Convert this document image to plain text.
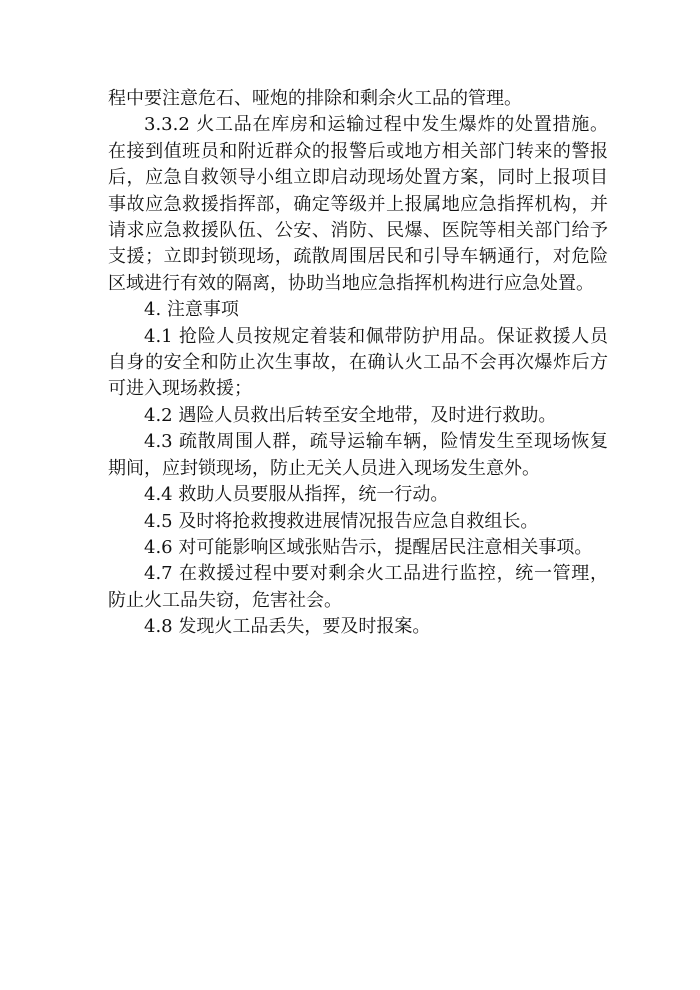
程中要注意危石、哑炮的排除和剩余火工品的管理。

3.3.2 火工品在库房和运输过程中发生爆炸的处置措施。在接到值班员和附近群众的报警后或地方相关部门转来的警报后，应急自救领导小组立即启动现场处置方案，同时上报项目事故应急救援指挥部，确定等级并上报属地应急指挥机构，并请求应急救援队伍、公安、消防、民爆、医院等相关部门给予支援；立即封锁现场，疏散周围居民和引导车辆通行，对危险区域进行有效的隔离，协助当地应急指挥机构进行应急处置。

4. 注意事项

4.1 抢险人员按规定着装和佩带防护用品。保证救援人员自身的安全和防止次生事故，在确认火工品不会再次爆炸后方可进入现场救援；

4.2 遇险人员救出后转至安全地带，及时进行救助。

4.3 疏散周围人群，疏导运输车辆，险情发生至现场恢复期间，应封锁现场，防止无关人员进入现场发生意外。

4.4 救助人员要服从指挥，统一行动。

4.5 及时将抢救搜救进展情况报告应急自救组长。

4.6 对可能影响区域张贴告示，提醒居民注意相关事项。

4.7 在救援过程中要对剩余火工品进行监控，统一管理，防止火工品失窃，危害社会。

4.8 发现火工品丢失，要及时报案。
